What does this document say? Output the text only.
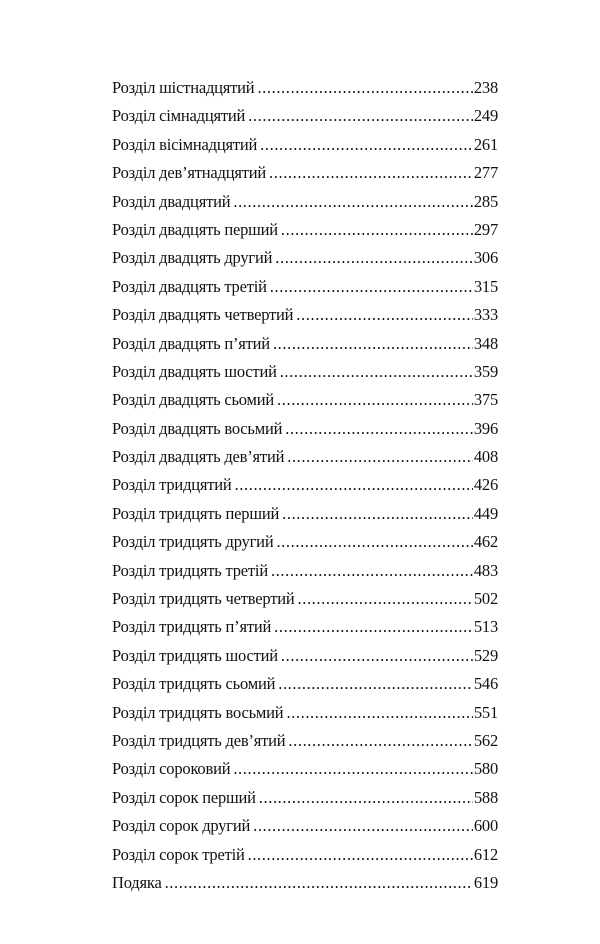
Розділ шістнадцятий .....	238
Розділ сімнадцятий .....	249
Розділ вісімнадцятий .....	261
Розділ дев’ятнадцятий .....	277
Розділ двадцятий .....	285
Розділ двадцять перший .....	297
Розділ двадцять другий .....	306
Розділ двадцять третій .....	315
Розділ двадцять четвертий .....	333
Розділ двадцять п’ятий .....	348
Розділ двадцять шостий .....	359
Розділ двадцять сьомий .....	375
Розділ двадцять восьмий .....	396
Розділ двадцять дев’ятий .....	408
Розділ тридцятий .....	426
Розділ тридцять перший .....	449
Розділ тридцять другий .....	462
Розділ тридцять третій .....	483
Розділ тридцять четвертий .....	502
Розділ тридцять п’ятий .....	513
Розділ тридцять шостий .....	529
Розділ тридцять сьомий .....	546
Розділ тридцять восьмий .....	551
Розділ тридцять дев’ятий .....	562
Розділ сороковий .....	580
Розділ сорок перший .....	588
Розділ сорок другий .....	600
Розділ сорок третій .....	612
Подяка .....	619
